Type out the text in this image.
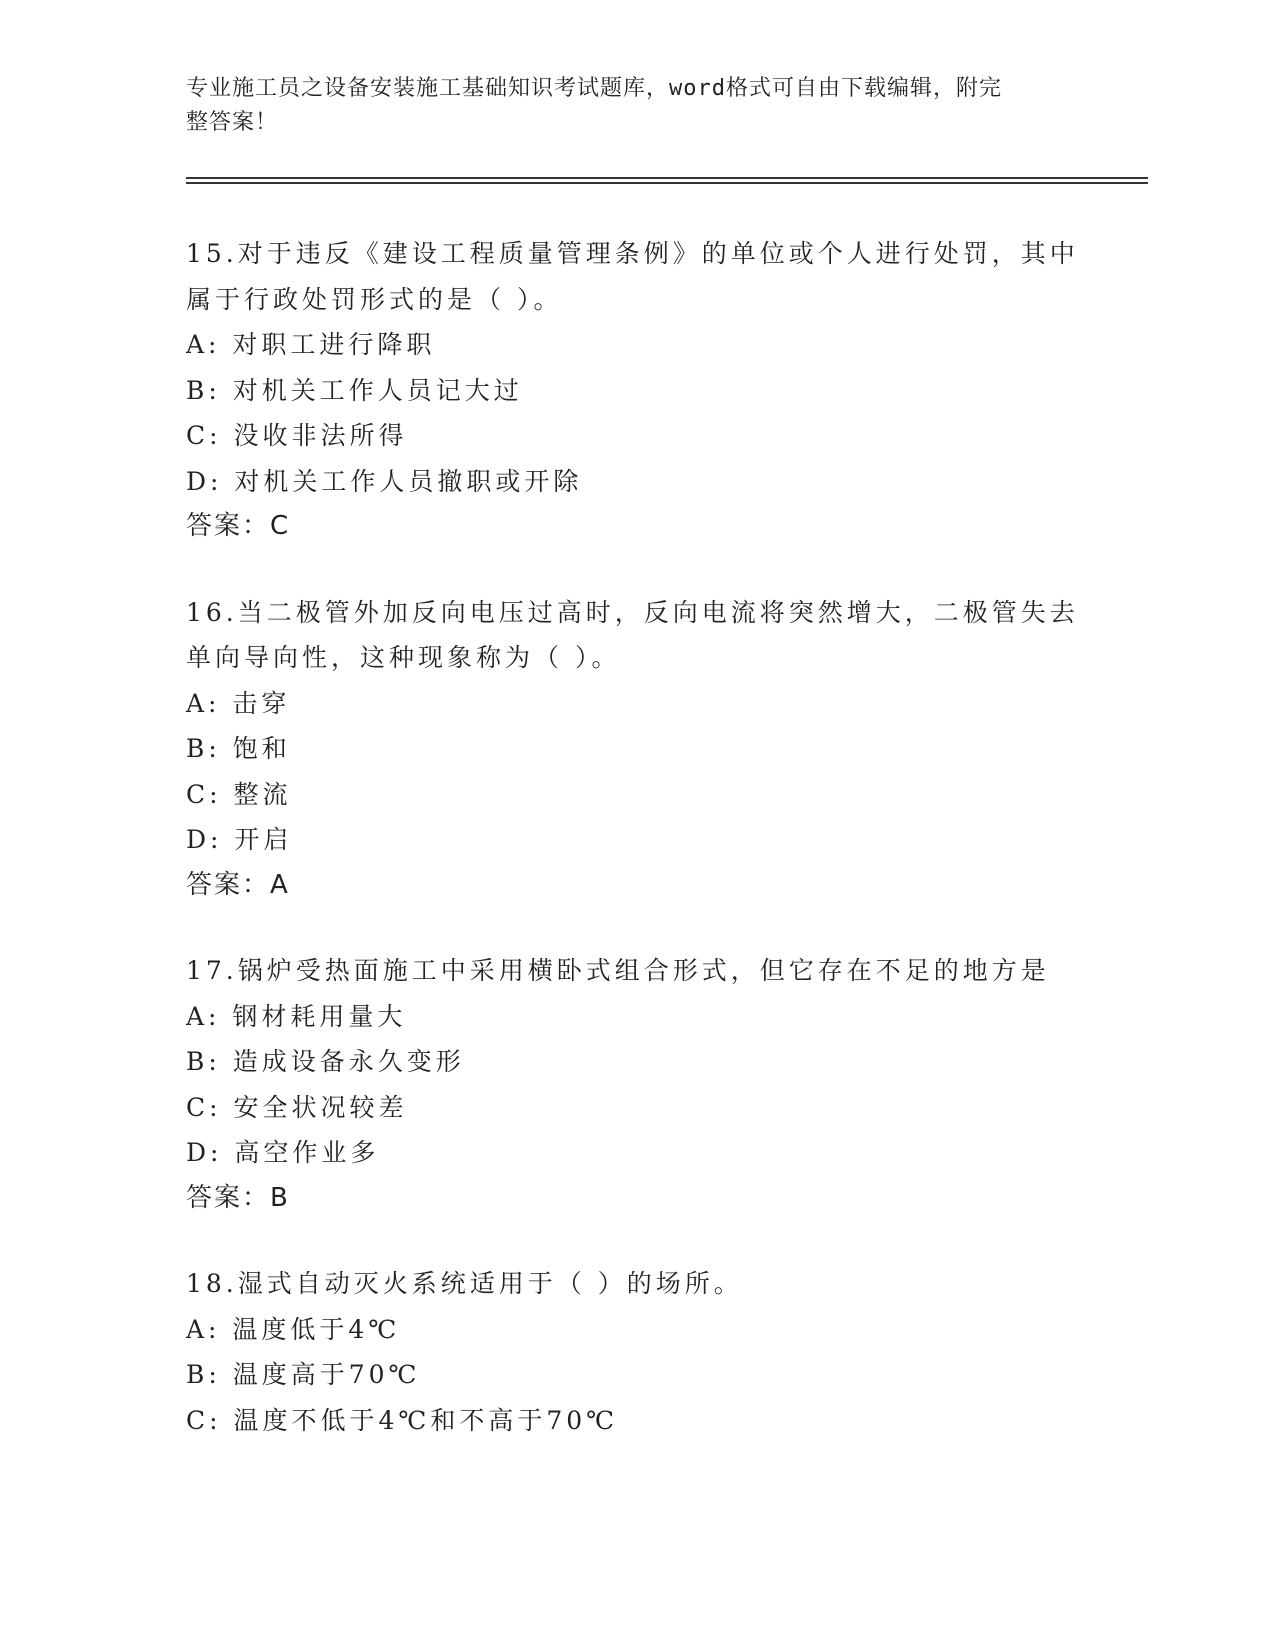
专业施工员之设备安装施工基础知识考试题库，word格式可自由下载编辑，附完
整答案！
15.对于违反《建设工程质量管理条例》的单位或个人进行处罚，其中
属于行政处罚形式的是（ ）。
A: 对职工进行降职
B: 对机关工作人员记大过
C: 没收非法所得
D: 对机关工作人员撤职或开除
答案：C
16.当二极管外加反向电压过高时，反向电流将突然增大，二极管失去
单向导向性，这种现象称为（ ）。
A: 击穿
B: 饱和
C: 整流
D: 开启
答案：A
17.锅炉受热面施工中采用横卧式组合形式，但它存在不足的地方是
A: 钢材耗用量大
B: 造成设备永久变形
C: 安全状况较差
D: 高空作业多
答案：B
18.湿式自动灭火系统适用于（ ）的场所。
A: 温度低于4℃
B: 温度高于70℃
C: 温度不低于4℃和不高于70℃
